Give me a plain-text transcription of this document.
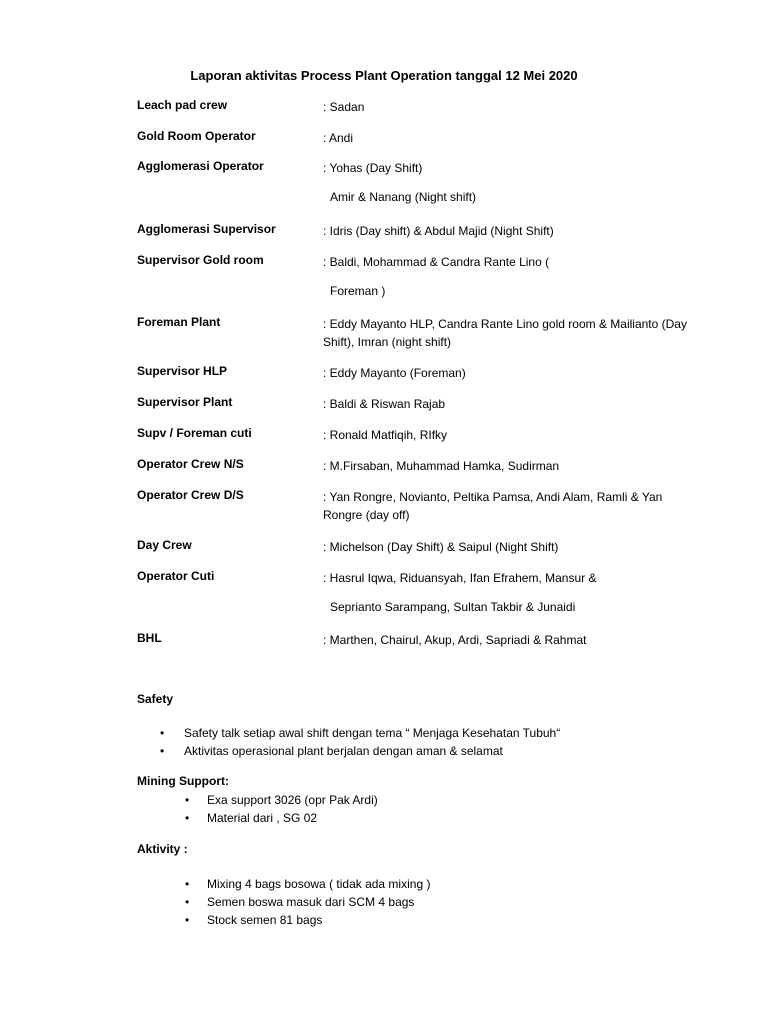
Laporan aktivitas Process Plant Operation tanggal 12 Mei 2020
Leach pad crew	: Sadan
Gold Room Operator	: Andi
Agglomerasi Operator	: Yohas (Day Shift)
Amir & Nanang (Night shift)
Agglomerasi Supervisor	: Idris (Day shift) & Abdul Majid (Night Shift)
Supervisor Gold room	: Baldi, Mohammad & Candra Rante Lino (
Foreman )
Foreman Plant	: Eddy Mayanto HLP, Candra Rante Lino gold room & Mailianto (Day Shift), Imran (night shift)
Supervisor HLP	: Eddy Mayanto (Foreman)
Supervisor Plant	: Baldi & Riswan Rajab
Supv / Foreman cuti	: Ronald Matfiqih, RIfky
Operator Crew N/S	: M.Firsaban, Muhammad Hamka, Sudirman
Operator Crew D/S	: Yan Rongre, Novianto, Peltika Pamsa, Andi Alam, Ramli & Yan Rongre (day off)
Day Crew	: Michelson (Day Shift) & Saipul (Night Shift)
Operator Cuti	: Hasrul Iqwa, Riduansyah, Ifan Efrahem, Mansur &
Seprianto Sarampang, Sultan Takbir & Junaidi
BHL	: Marthen, Chairul, Akup, Ardi, Sapriadi & Rahmat
Safety
• Safety talk setiap awal shift dengan tema “ Menjaga Kesehatan Tubuh“
• Aktivitas operasional plant berjalan dengan aman & selamat
Mining Support:
• Exa support 3026 (opr Pak Ardi)
• Material dari , SG 02
Aktivity :
• Mixing 4 bags bosowa ( tidak ada mixing )
• Semen boswa masuk dari SCM 4 bags
• Stock semen 81 bags
